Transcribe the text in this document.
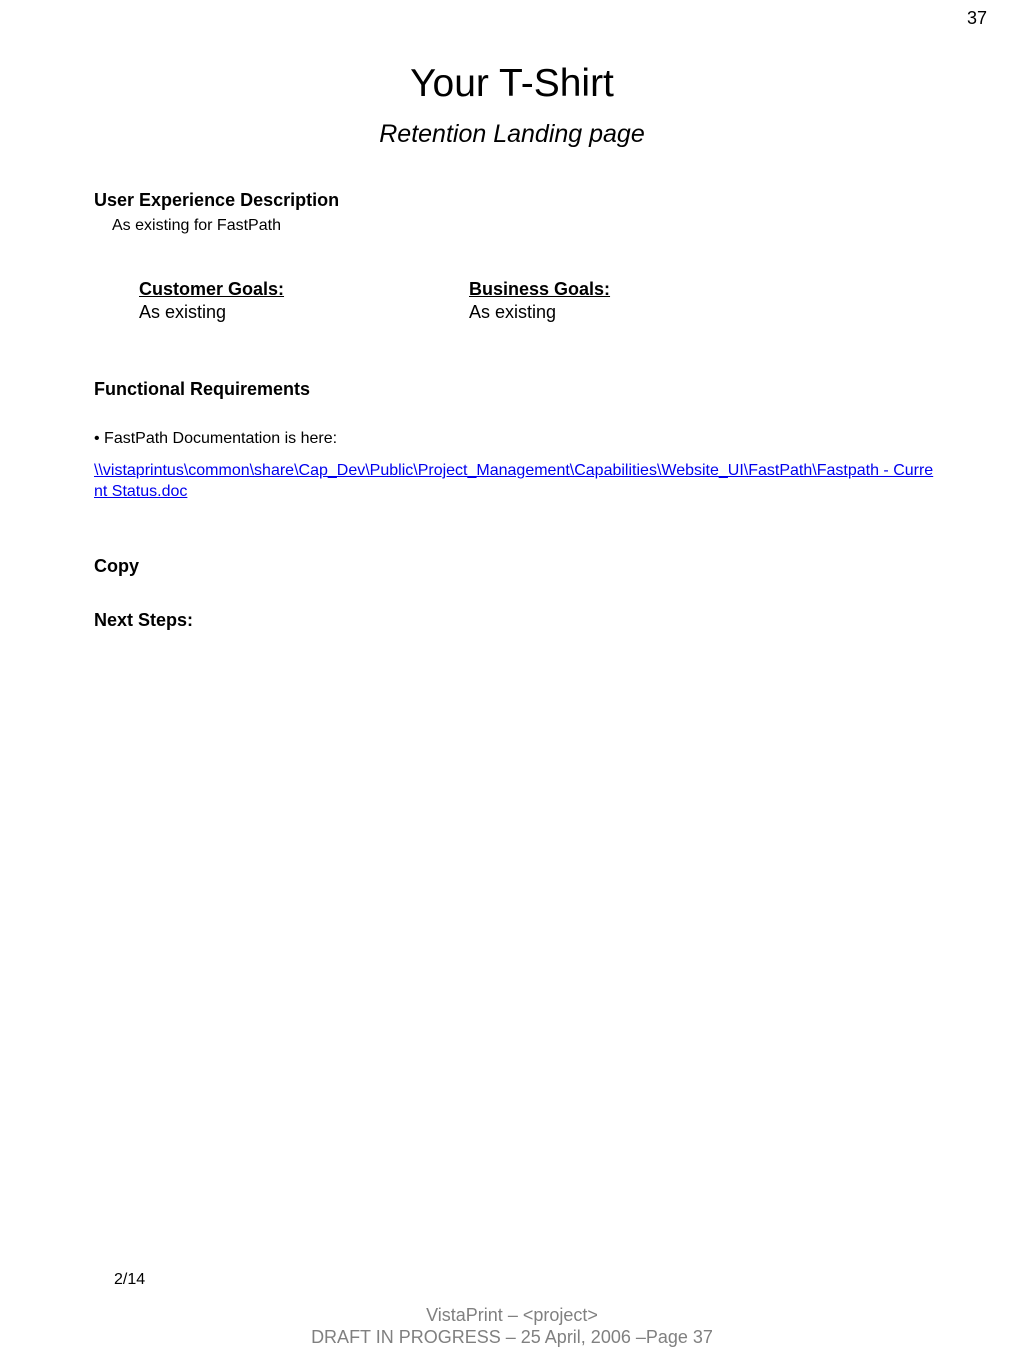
37
Your T-Shirt
Retention Landing page
User Experience Description
As existing for FastPath
Customer Goals:
As existing
Business Goals:
As existing
Functional Requirements
• FastPath Documentation is here:
\\vistaprintus\common\share\Cap_Dev\Public\Project_Management\Capabilities\Website_UI\FastPath\Fastpath - Current Status.doc
Copy
Next Steps:
2/14
VistaPrint – <project>
DRAFT IN PROGRESS – 25 April, 2006 –Page 37
